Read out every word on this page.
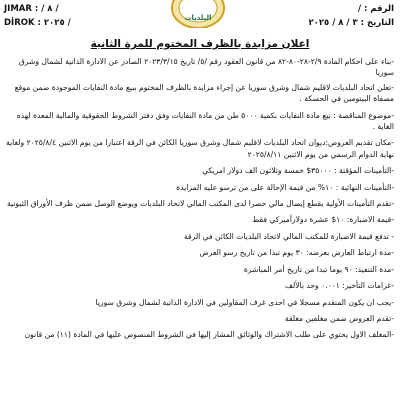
JIMAR : / ٨ /
DİROK : ٢٠٢٥ /	البلديات
الرقم : /
التاريخ : ٣ / ٨ / ٢٠٢٥
اعلان مزايدة بالظرف المختوم للمرة الثانية

-بناء على احكام المادة ٢/٩-٢٨-٨٠-٨٢ من قانون العقود رقم /٥/ تاريخ ٢٠٢٣/٣/١٥ الصادر عن الادارة الذاتية لشمال وشرق سوريا

-تعلن اتحاد البلديات لاقليم شمال وشرق سوريا عن إجراء مزايدة بالظرف المختوم ببيع مادة النفايات الموجودة ضمن موقع مصفاة البيتومين في الحسكة .

-موضوع المناقصة : بيع مادة النفايات بكمية ٥٠٠٠ طن من مادة النفايات وفق دفتر الشروط الحقوقية والمالية المعدة لهذه الغاية .

-مكان تقديم العروض:ديوان اتحاد البلديات لاقليم شمال وشرق سوريا الكائن في الرقة اعتبارا من يوم الاثنين ٢٠٢٥/٨/٤ ولغاية نهاية الدوام الرسمي من يوم الاثنين ٢٠٢٥/٨/١١

-التأمينات المؤقتة : ٣٥٠٠٠$ خمسة وثلاثون الف دولار امريكي

-التأمينات النهائية : ١٠% من قيمة الإحالة على من ترسو عليه المزايدة

-تقدم التأمينات الأولية بقطع إيصال مالي حصرا لدى المكتب المالي لاتحاد البلديات ويوضع الوصل ضمن ظرف الأوراق الثبوتية

-قيمة الاضبارة: ١٠$ عشرة دولارأميركي فقط

- تدفع قيمة الاضبارة للمكتب المالي لاتحاد البلديات الكائن في الرقة

-مدة ارتباط العارض بعرضه: ٣٠ يوم تبدا من تاريخ رسو العرض

-مدة التنفيذ: ٩٠ يوما تبدا من تاريخ أمر المباشرة

-غرامات التأخير: ٠.٠٠١ وحد بالألف

-يجب ان يكون المتقدم مسجلا في احدى غرف المقاولين في الادارة الذاتية لشمال وشرق سوريا

-تقدم العروض ضمن مغلفين مغلقة

-المغلف الاول يحتوي على طلب الاشتراك والوثائق المشار إليها في الشروط المنصوص عليها في المادة (١١) من قانون
